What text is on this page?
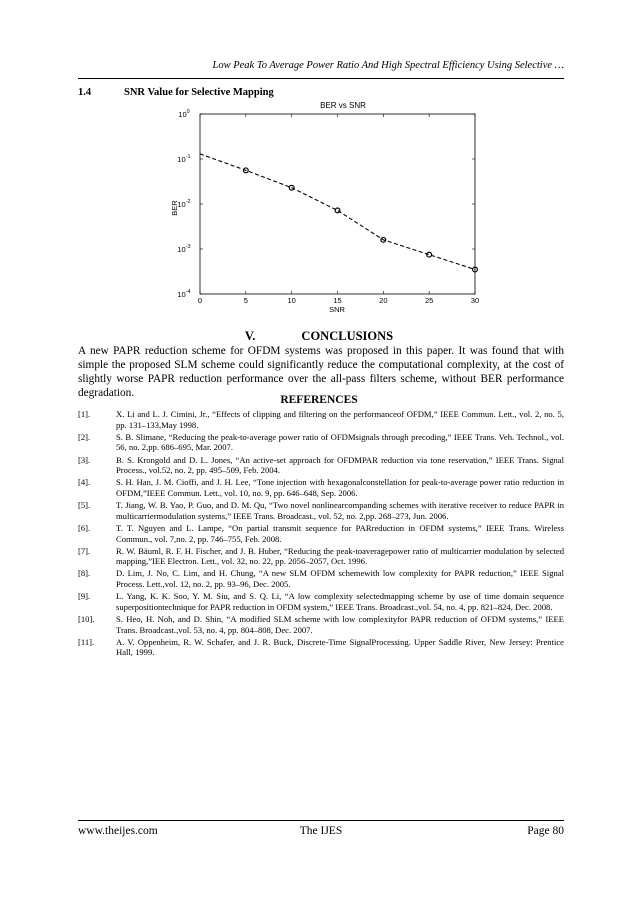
Low Peak To Average Power Ratio And High Spectral Efficiency Using Selective …
1.4	SNR Value for Selective Mapping
BER vs SNR
0	5	10	15	20	25	30
$10^0$
$10^{-1}$
$10^{-2}$
$10^{-3}$
$10^{-4}$
SNR
BER
V.	CONCLUSIONS

A new PAPR reduction scheme for OFDM systems was proposed in this paper. It was found that with simple the proposed SLM scheme could significantly reduce the computational complexity, at the cost of slightly worse PAPR reduction performance over the all-pass filters scheme, without BER performance degradation.

REFERENCES
[1].	X. Li and L. J. Cimini, Jr., “Effects of clipping and filtering on the performanceof OFDM,” IEEE Commun. Lett., vol. 2, no. 5, pp. 131–133,May 1998.
[2].	S. B. Slimane, “Reducing the peak-to-average power ratio of OFDMsignals through precoding,” IEEE Trans. Veh. Technol., vol. 56, no. 2,pp. 686–695, Mar. 2007.
[3].	B. S. Krongold and D. L. Jones, “An active-set approach for OFDMPAR reduction via tone reservation,” IEEE Trans. Signal Process., vol.52, no. 2, pp. 495–509, Feb. 2004.
[4].	S. H. Han, J. M. Cioffi, and J. H. Lee, “Tone injection with hexagonalconstellation for peak-to-average power ratio reduction in OFDM,”IEEE Commun. Lett., vol. 10, no. 9, pp. 646–648, Sep. 2006.
[5].	T. Jiang, W. B. Yao, P. Guo, and D. M. Qu, “Two novel nonlinearcompanding schemes with iterative receiver to reduce PAPR in multicarriermodulation systems,” IEEE Trans. Broadcast., vol. 52, no. 2,pp. 268–273, Jun. 2006.
[6].	T. T. Nguyen and L. Lampe, “On partial transmit sequence for PARreduction in OFDM systems,” IEEE Trans. Wireless Commun., vol. 7,no. 2, pp. 746–755, Feb. 2008.
[7].	R. W. Bäuml, R. F. H. Fischer, and J. B. Huber, “Reducing the peak-toaveragepower ratio of multicarrier modulation by selected mapping,”IEE Electron. Lett., vol. 32, no. 22, pp. 2056–2057, Oct. 1996.
[8].	D. Lim, J. No, C. Lim, and H. Chung, “A new SLM OFDM schemewith low complexity for PAPR reduction,” IEEE Signal Process. Lett.,vol. 12, no. 2, pp. 93–96, Dec. 2005.
[9].	L. Yang, K. K. Soo, Y. M. Siu, and S. Q. Li, “A low complexity selectedmapping scheme by use of time domain sequence superpositiontechnique for PAPR reduction in OFDM system,” IEEE Trans. Broadcast.,vol. 54, no. 4, pp. 821–824, Dec. 2008.
[10].	S. Heo, H. Noh, and D. Shin, “A modified SLM scheme with low complexityfor PAPR reduction of OFDM systems,” IEEE Trans. Broadcast.,vol. 53, no. 4, pp. 804–808, Dec. 2007.
[11].	A. V. Oppenheim, R. W. Schafer, and J. R. Buck, Discrete-Time SignalProcessing. Upper Saddle River, New Jersey: Prentice Hall, 1999.
www.theijes.com	The IJES	Page 80
